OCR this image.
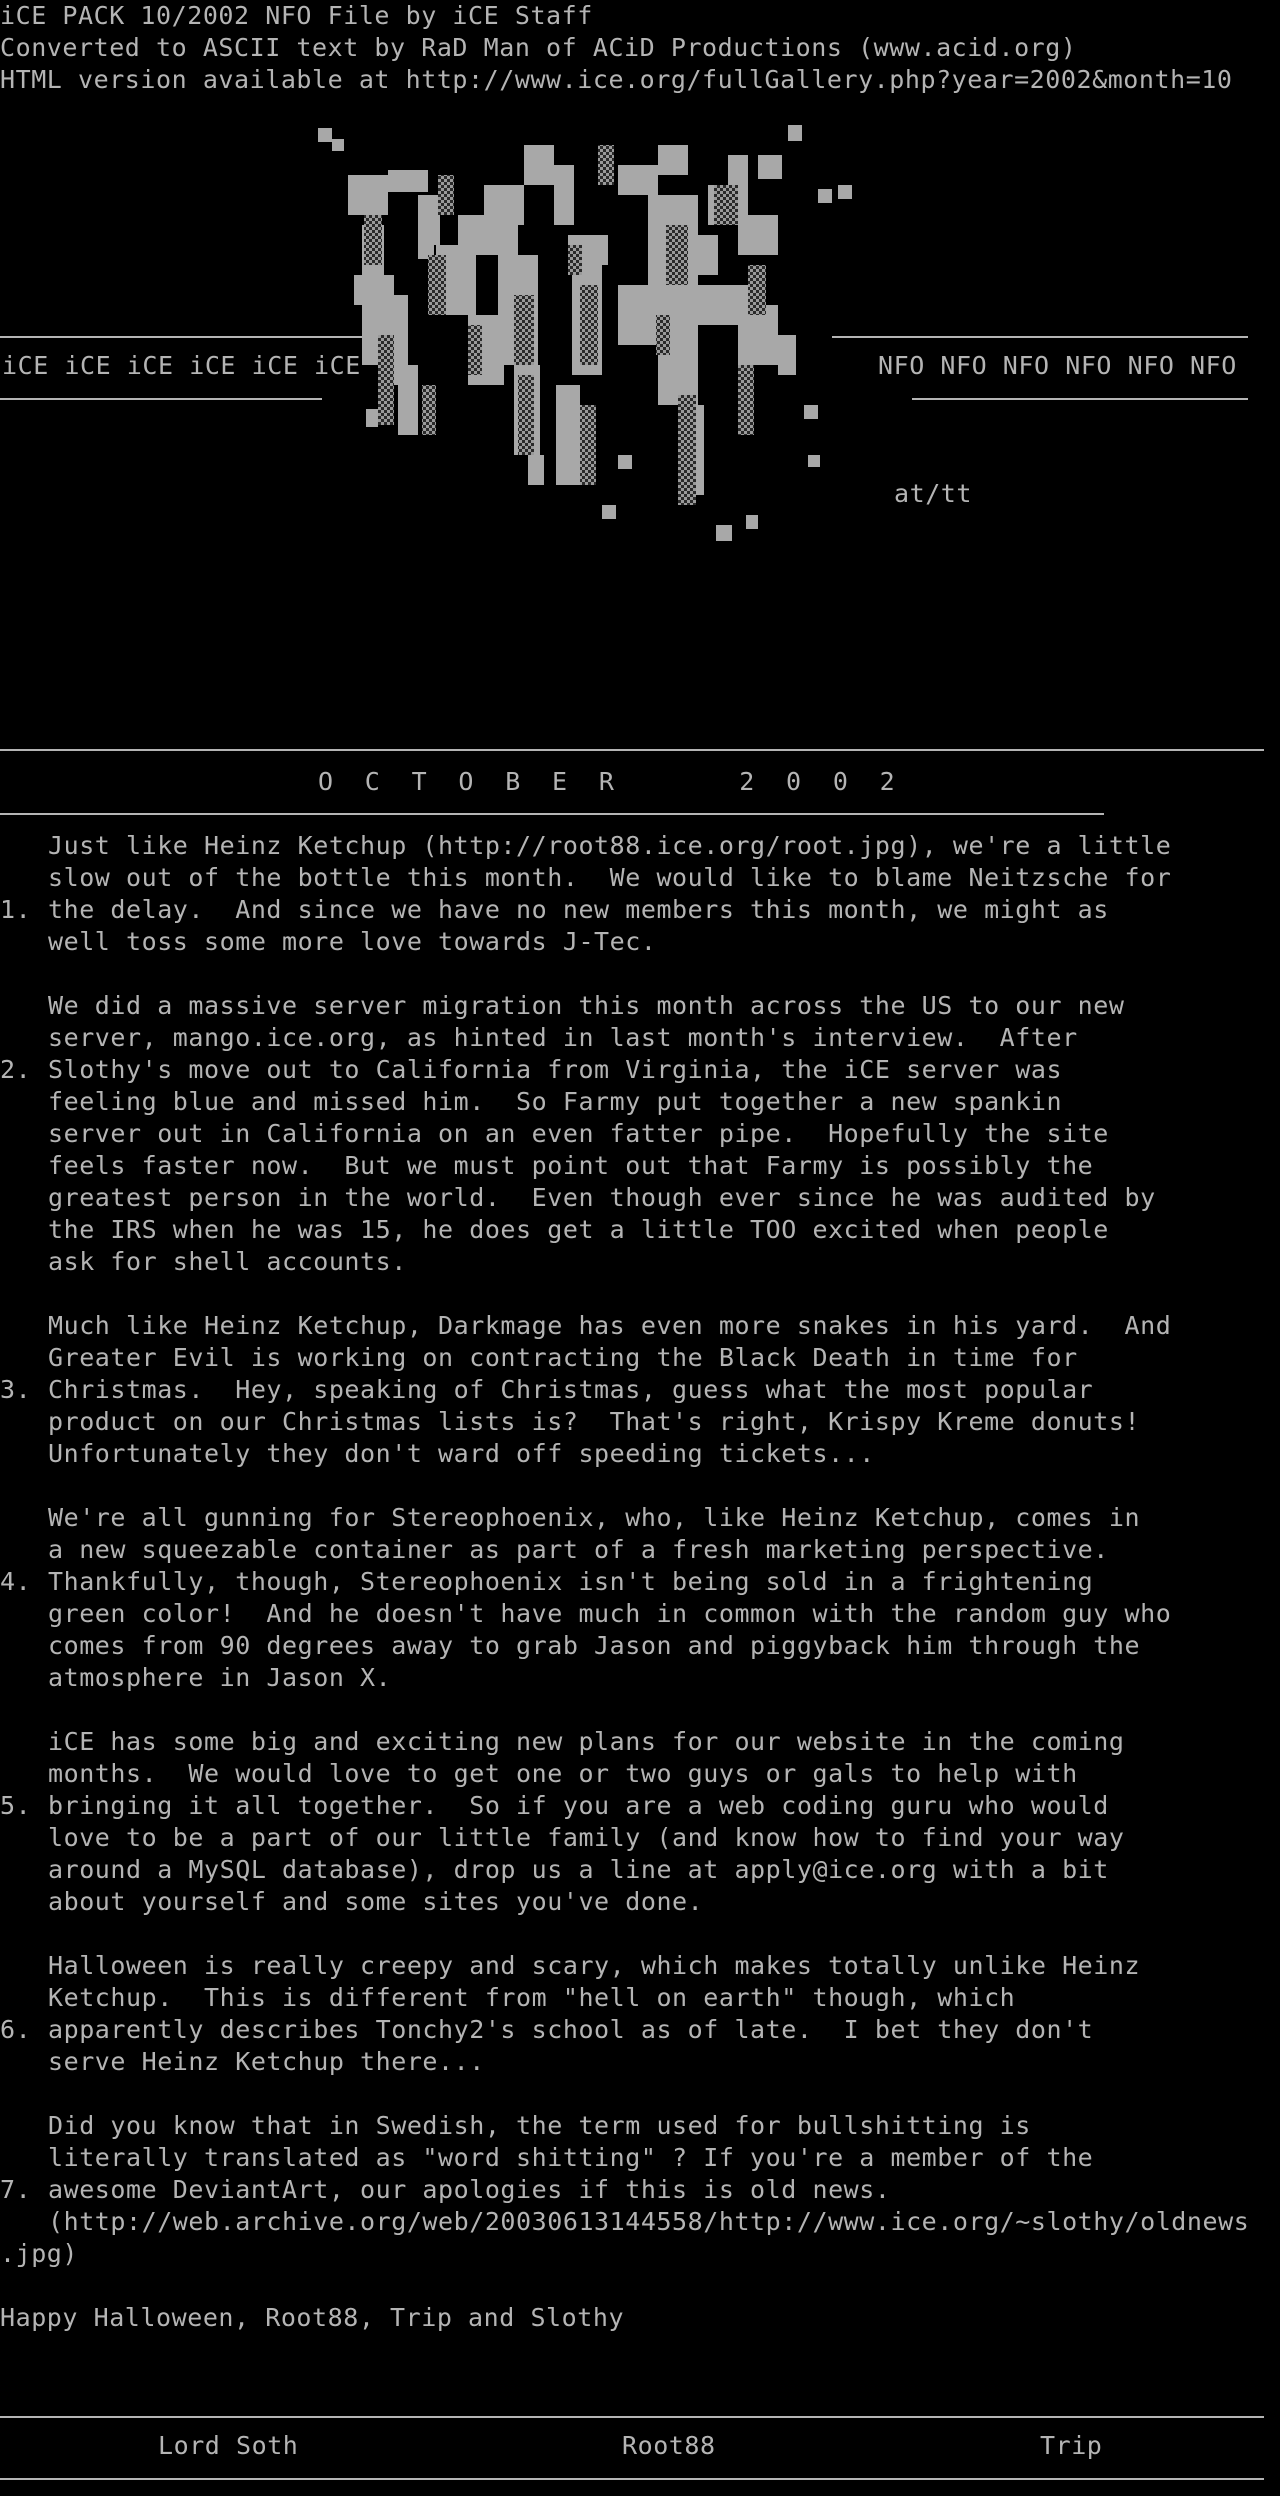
iCE PACK 10/2002 NFO File by iCE Staff
Converted to ASCII text by RaD Man of ACiD Productions (www.acid.org)
HTML version available at http://www.ice.org/fullGallery.php?year=2002&month=10
iCE iCE iCE iCE iCE iCE	NFO NFO NFO NFO NFO NFO
at/tt
O  C  T  O  B  E  R        2  0  0  2

1.

Just like Heinz Ketchup (http://root88.ice.org/root.jpg), we're a little

slow out of the bottle this month.  We would like to blame Neitzsche for

the delay.  And since we have no new members this month, we might as

well toss some more love towards J-Tec.

2.

We did a massive server migration this month across the US to our new

server, mango.ice.org, as hinted in last month's interview.  After

Slothy's move out to California from Virginia, the iCE server was

feeling blue and missed him.  So Farmy put together a new spankin

server out in California on an even fatter pipe.  Hopefully the site

feels faster now.  But we must point out that Farmy is possibly the

greatest person in the world.  Even though ever since he was audited by

the IRS when he was 15, he does get a little TOO excited when people

ask for shell accounts.

3.

Much like Heinz Ketchup, Darkmage has even more snakes in his yard.  And

Greater Evil is working on contracting the Black Death in time for

Christmas.  Hey, speaking of Christmas, guess what the most popular

product on our Christmas lists is?  That's right, Krispy Kreme donuts!

Unfortunately they don't ward off speeding tickets...

4.

We're all gunning for Stereophoenix, who, like Heinz Ketchup, comes in

a new squeezable container as part of a fresh marketing perspective.

Thankfully, though, Stereophoenix isn't being sold in a frightening

green color!  And he doesn't have much in common with the random guy who

comes from 90 degrees away to grab Jason and piggyback him through the

atmosphere in Jason X.

5.

iCE has some big and exciting new plans for our website in the coming

months.  We would love to get one or two guys or gals to help with

bringing it all together.  So if you are a web coding guru who would

love to be a part of our little family (and know how to find your way

around a MySQL database), drop us a line at apply@ice.org with a bit

about yourself and some sites you've done.

6.

Halloween is really creepy and scary, which makes totally unlike Heinz

Ketchup.  This is different from "hell on earth" though, which

apparently describes Tonchy2's school as of late.  I bet they don't

serve Heinz Ketchup there...

7.

Did you know that in Swedish, the term used for bullshitting is

literally translated as "word shitting" ? If you're a member of the

awesome DeviantArt, our apologies if this is old news.

(http://web.archive.org/web/20030613144558/http://www.ice.org/~slothy/oldnews

.jpg)
Happy Halloween, Root88, Trip and Slothy
Lord Soth	Root88	Trip
